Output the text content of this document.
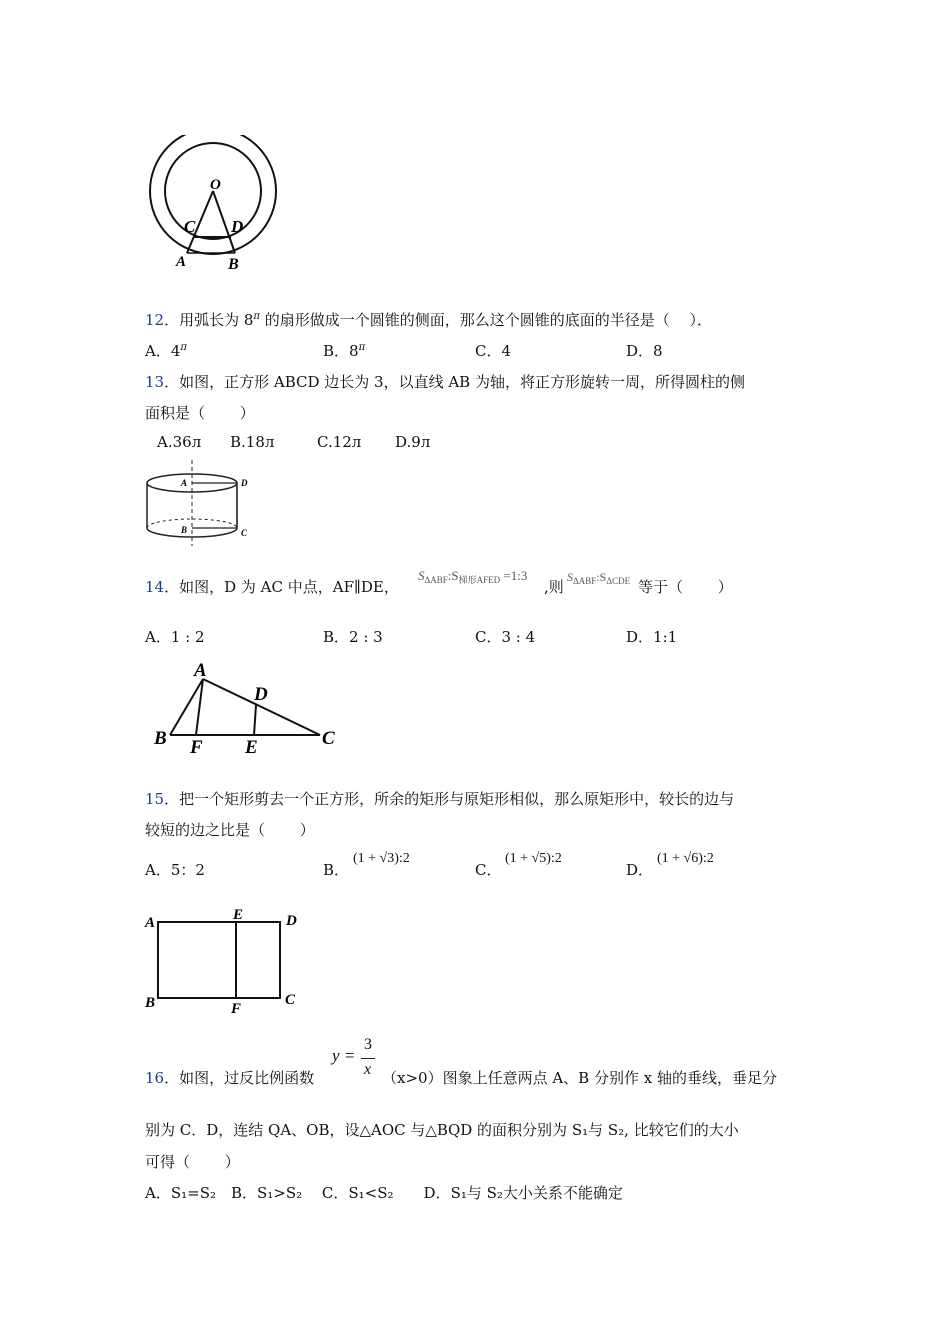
O
C D
A	B
12．用弧长为 $8^\pi$ 的扇形做成一个圆锥的侧面，那么这个圆锥的底面的半径是（　 ）．
A．$4^\pi$	B．$8^\pi$	C．4	D．8
13．如图，正方形 ABCD 边长为 3，以直线 AB 为轴，将正方形旋转一周，所得圆柱的侧
面积是（　　 ）
A.36л B.18л	C.12л D.9л
A	D
B	C
14．如图，D 为 AC 中点，AF∥DE，
$S_{\Delta ABF}:S_{梯形AFED}$ =1:3
,则
$S_{\Delta ABF}:S_{\Delta CDE}$ 等于（　　 ）
A．1 : 2	B．2 : 3	C．3 : 4	D．1:1
A
D
B F E	C
15．把一个矩形剪去一个正方形，所余的矩形与原矩形相似，那么原矩形中，较长的边与
较短的边之比是（　　 ）
A．5：2	B．
(1 + √3):2
C．
(1 + √5):2
D．
(1 + √6):2
A	E	D
B	F
C
16．如图，过反比例函数
y =
3
x （x>0）图象上任意两点 A、B 分别作 x 轴的垂线，垂足分
别为 C．D，连结 QA、OB，设△AOC 与△BQD 的面积分别为 S₁与 S₂, 比较它们的大小
可得（　　 ）
A．S₁=S₂　B．S₁>S₂　 C．S₁<S₂　　D．S₁与 S₂大小关系不能确定
